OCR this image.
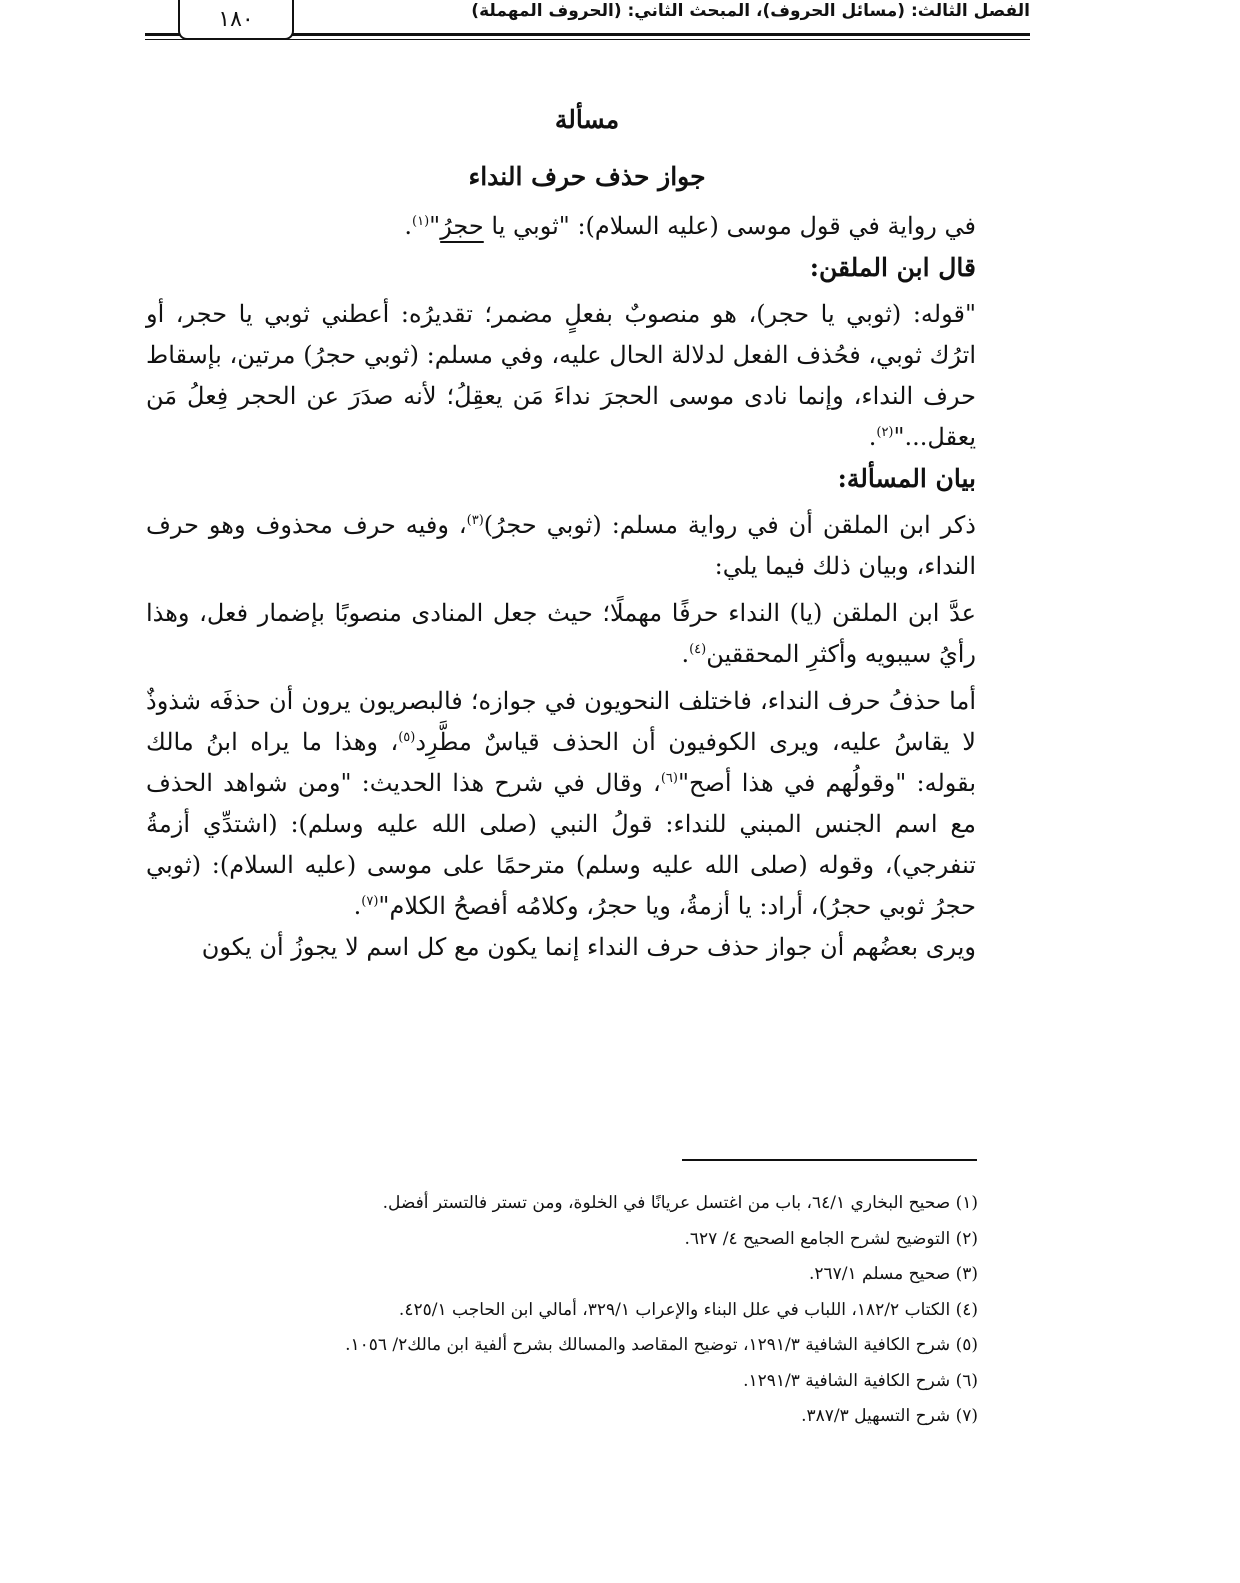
الفصل الثالث: (مسائل الحروف)، المبحث الثاني: (الحروف المهملة)
١٨٠

مسألة

جواز حذف حرف النداء

في رواية في قول موسى (عليه السلام): "ثوبي يا حجرُ"$^{(١)}$.

قال ابن الملقن:

"قوله: (ثوبي يا حجر)، هو منصوبٌ بفعلٍ مضمر؛ تقديرُه: أعطني ثوبي يا حجر، أو اترُك ثوبي، فحُذف الفعل لدلالة الحال عليه، وفي مسلم: (ثوبي حجرُ) مرتين، بإسقاط حرف النداء، وإنما نادى موسى الحجرَ نداءَ مَن يعقِلُ؛ لأنه صدَرَ عن الحجر فِعلُ مَن يعقل..."$^{(٢)}$.

بيان المسألة:

ذكر ابن الملقن أن في رواية مسلم: (ثوبي حجرُ)$^{(٣)}$، وفيه حرف محذوف وهو حرف النداء، وبيان ذلك فيما يلي:

عدَّ ابن الملقن (يا) النداء حرفًا مهملًا؛ حيث جعل المنادى منصوبًا بإضمار فعل، وهذا رأيُ سيبويه وأكثرِ المحققين$^{(٤)}$.

أما حذفُ حرف النداء، فاختلف النحويون في جوازه؛ فالبصريون يرون أن حذفَه شذوذٌ لا يقاسُ عليه، ويرى الكوفيون أن الحذف قياسٌ مطَّرِد$^{(٥)}$، وهذا ما يراه ابنُ مالك بقوله: "وقولُهم في هذا أصح"$^{(٦)}$، وقال في شرح هذا الحديث: "ومن شواهد الحذف مع اسم الجنس المبني للنداء: قولُ النبي (صلى الله عليه وسلم): (اشتدِّي أزمةُ تنفرجي)، وقوله (صلى الله عليه وسلم) مترحمًا على موسى (عليه السلام): (ثوبي حجرُ ثوبي حجرُ)، أراد: يا أزمةُ، ويا حجرُ، وكلامُه أفصحُ الكلام"$^{(٧)}$.

ويرى بعضُهم أن جواز حذف حرف النداء إنما يكون مع كل اسم لا يجوزُ أن يكون

(١) صحيح البخاري ٦٤/١، باب من اغتسل عريانًا في الخلوة، ومن تستر فالتستر أفضل.

(٢) التوضيح لشرح الجامع الصحيح ٤/ ٦٢٧.

(٣) صحيح مسلم ٢٦٧/١.

(٤) الكتاب ١٨٢/٢، اللباب في علل البناء والإعراب ٣٢٩/١، أمالي ابن الحاجب ٤٢٥/١.

(٥) شرح الكافية الشافية ١٢٩١/٣، توضيح المقاصد والمسالك بشرح ألفية ابن مالك٢/ ١٠٥٦.

(٦) شرح الكافية الشافية ١٢٩١/٣.

(٧) شرح التسهيل ٣٨٧/٣.
